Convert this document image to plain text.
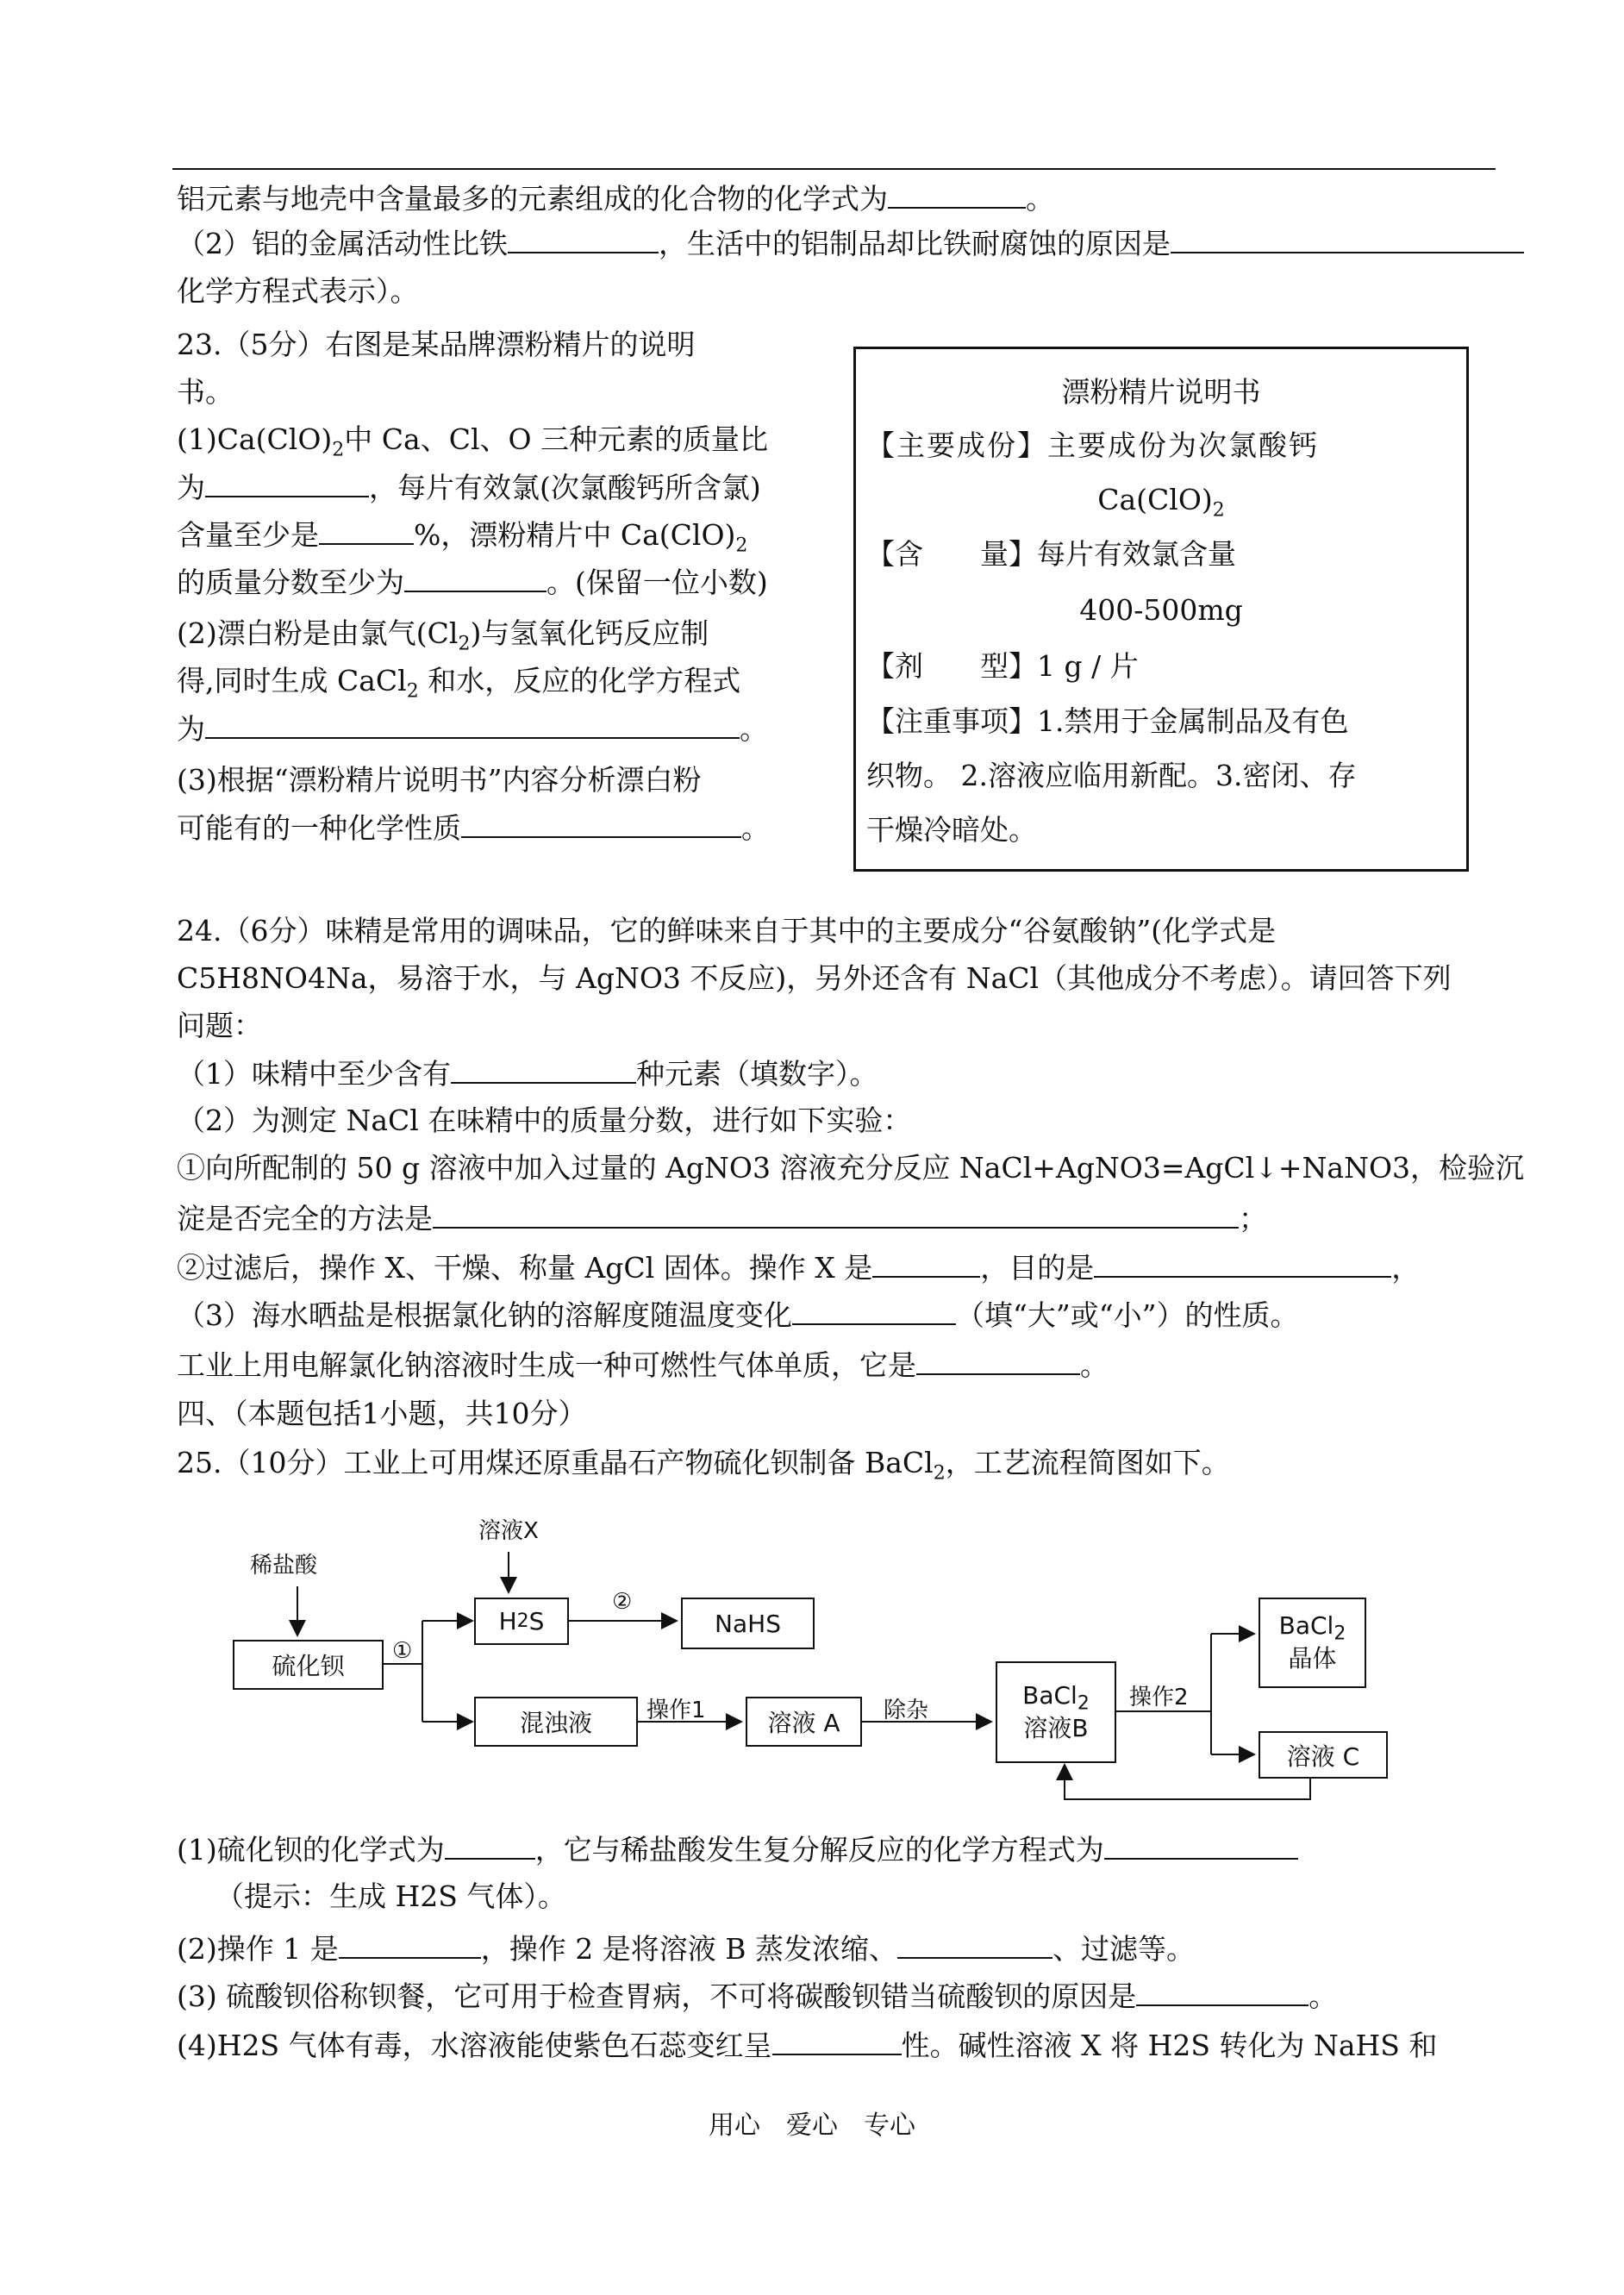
铝元素与地壳中含量最多的元素组成的化合物的化学式为	。
（2）铝的金属活动性比铁	，生活中的铝制品却比铁耐腐蚀的原因是
化学方程式表示）。
23.（5分）右图是某品牌漂粉精片的说明
书。
$(1)Ca(ClO)_2$中 Ca、Cl、O 三种元素的质量比
为	，每片有效氯(次氯酸钙所含氯)
含量至少是	%，漂粉精片中 $Ca(ClO)_2$
的质量分数至少为	。(保留一位小数)
(2)漂白粉是由氯气$(Cl_2)$与氢氧化钙反应制
得,同时生成 CaCl$_2$ 和水，反应的化学方程式
为	。
(3)根据“漂粉精片说明书”内容分析漂白粉
可能有的一种化学性质	。
漂粉精片说明书
【主要成份】主要成份为次氯酸钙
$Ca(ClO)_2$
【含　　量】每片有效氯含量
400-500mg
【剂　　型】1 g / 片
【注重事项】1.禁用于金属制品及有色
织物。 2.溶液应临用新配。3.密闭、存
干燥冷暗处。
24.（6分）味精是常用的调味品，它的鲜味来自于其中的主要成分“谷氨酸钠”(化学式是
C5H8NO4Na，易溶于水，与 AgNO3 不反应)，另外还含有 NaCl（其他成分不考虑）。请回答下列
问题：
（1）味精中至少含有	种元素（填数字）。
（2）为测定 NaCl 在味精中的质量分数，进行如下实验：
①向所配制的 50 g 溶液中加入过量的 AgNO3 溶液充分反应 NaCl+AgNO3=AgCl↓+NaNO3，检验沉
淀是否完全的方法是	；
②过滤后，操作 X、干燥、称量 AgCl 固体。操作 X 是	，目的是	，
（3）海水晒盐是根据氯化钠的溶解度随温度变化	（填“大”或“小”）的性质。
工业上用电解氯化钠溶液时生成一种可燃性气体单质，它是	。
四、（本题包括1小题，共10分）
25.（10分）工业上可用煤还原重晶石产物硫化钡制备 BaCl$_2$，工艺流程简图如下。
稀盐酸
溶液X
硫化钡
①
H 2 S
②
NaHS
混浊液	操作1	溶液 A	除杂
BaCl$_2$
溶液B
操作2
BaCl$_2$
晶体
溶液 C
(1)硫化钡的化学式为	，它与稀盐酸发生复分解反应的化学方程式为
（提示：生成 H2S 气体）。
(2)操作 1 是	，操作 2 是将溶液 B 蒸发浓缩、	、过滤等。
(3) 硫酸钡俗称钡餐，它可用于检查胃病，不可将碳酸钡错当硫酸钡的原因是	。
(4)H2S 气体有毒，水溶液能使紫色石蕊变红呈	性。碱性溶液 X 将 H2S 转化为 NaHS 和
用心　爱心　专心
